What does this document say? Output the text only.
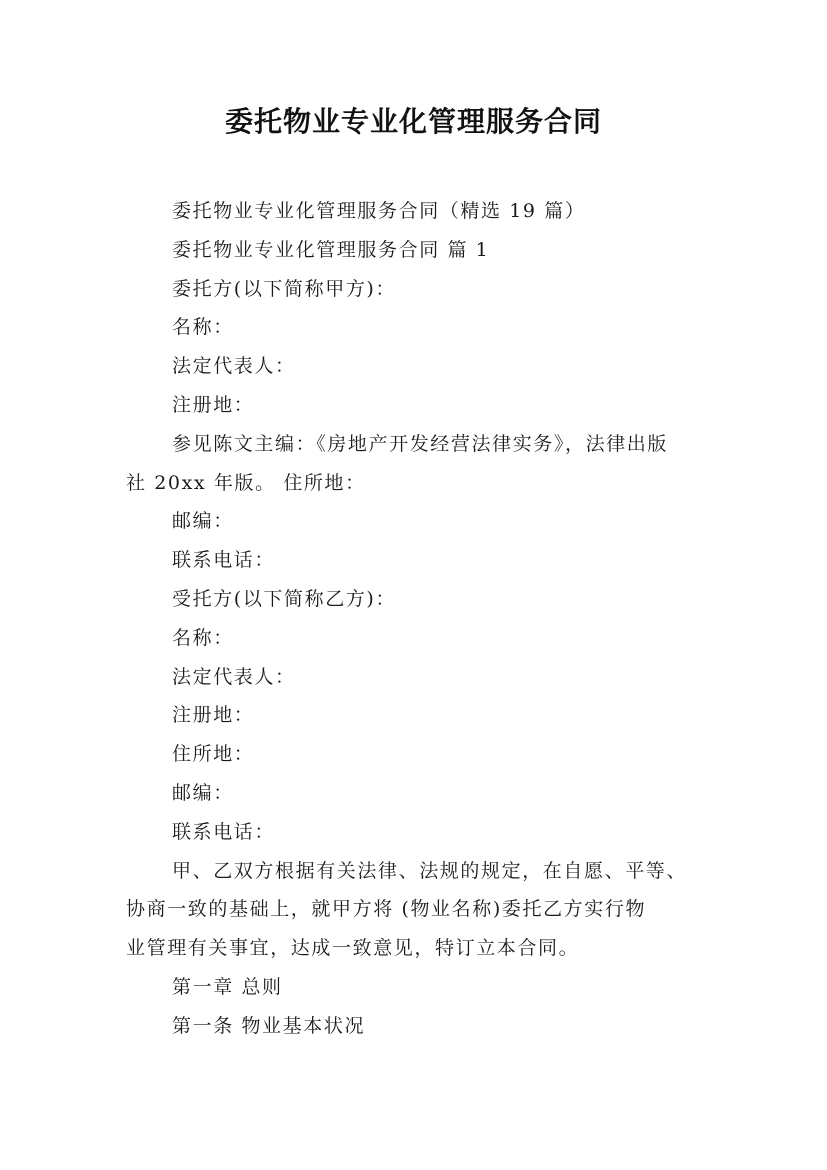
委托物业专业化管理服务合同

委托物业专业化管理服务合同（精选 19 篇）

委托物业专业化管理服务合同 篇 1

委托方(以下简称甲方)：

名称：

法定代表人：

注册地：

参见陈文主编：《房地产开发经营法律实务》，法律出版
社 20xx 年版。 住所地：

邮编：

联系电话：

受托方(以下简称乙方)：

名称：

法定代表人：

注册地：

住所地：

邮编：

联系电话：

甲、乙双方根据有关法律、法规的规定，在自愿、平等、
协商一致的基础上，就甲方将 (物业名称)委托乙方实行物
业管理有关事宜，达成一致意见，特订立本合同。

第一章 总则

第一条 物业基本状况
